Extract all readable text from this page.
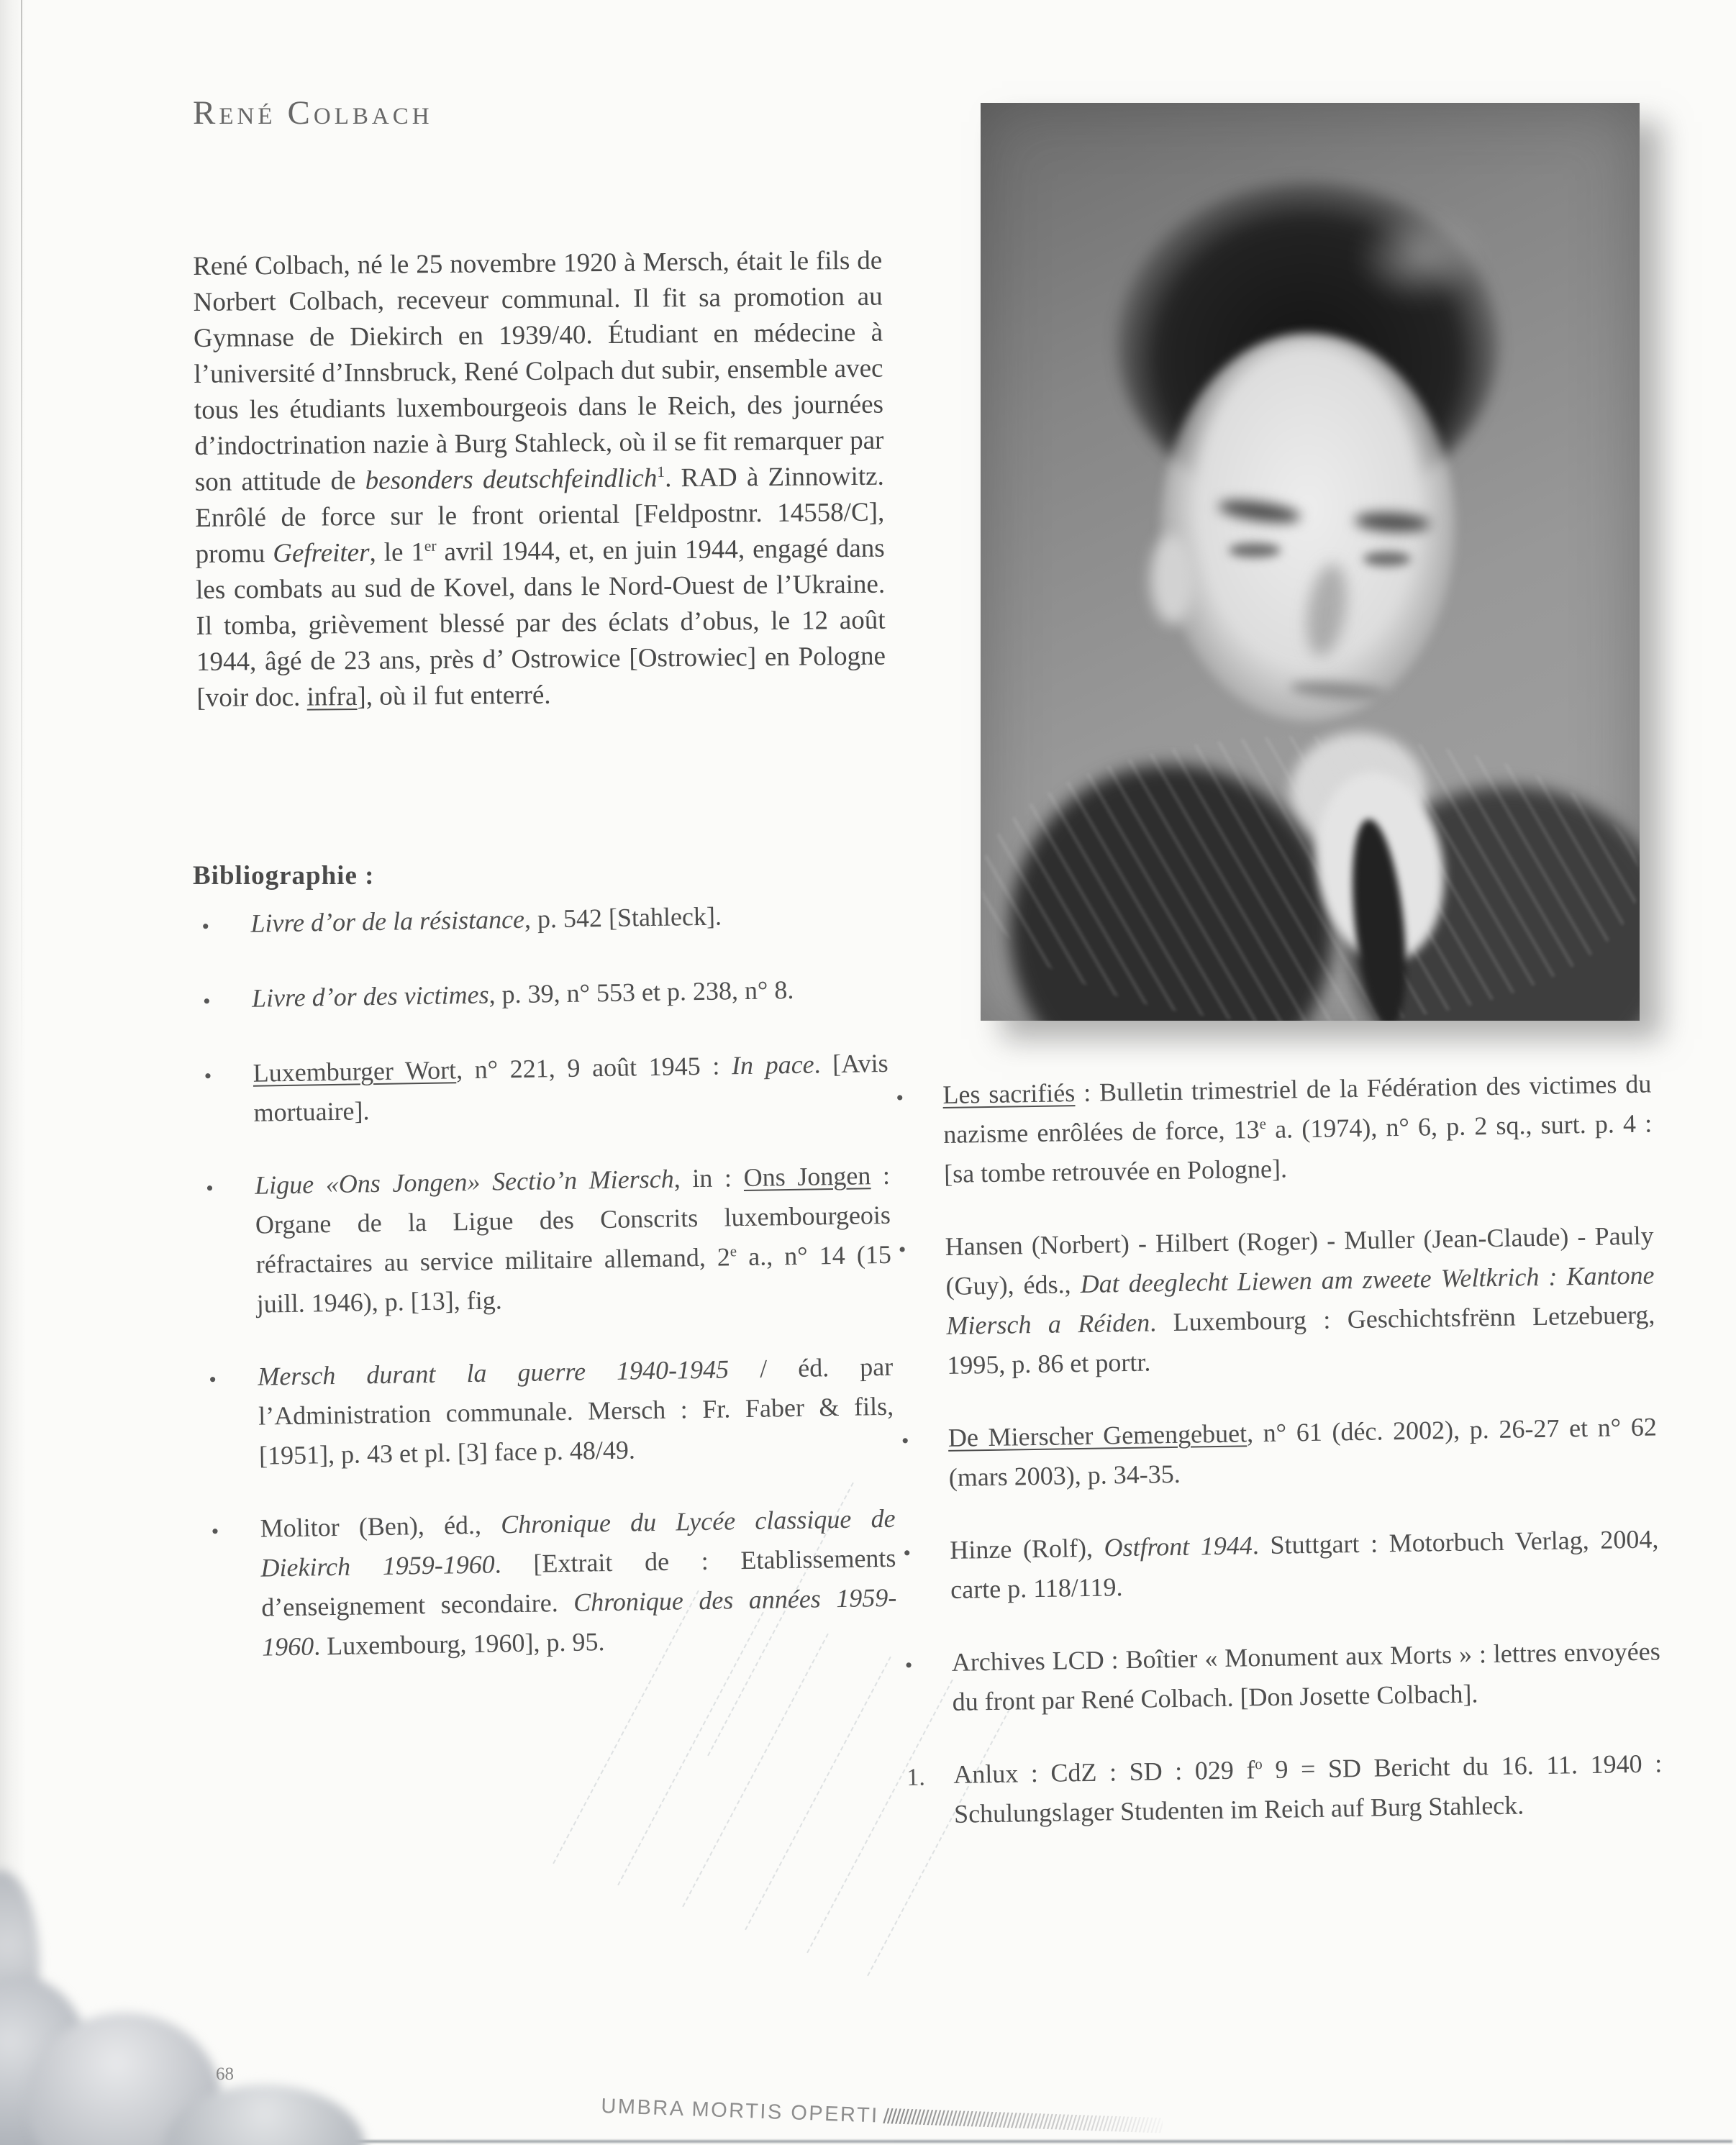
RENÉ COLBACH

René Colbach, né le 25 novembre 1920 à Mersch, était le fils de Norbert Colbach, receveur communal. Il fit sa promotion au Gymnase de Diekirch en 1939/40. Étudiant en médecine à l’université d’Innsbruck, René Colpach dut subir, ensemble avec tous les étudiants luxembourgeois dans le Reich, des journées d’indoctrination nazie à Burg Stahleck, où il se fit remarquer par son attitude de besonders deutschfeindlich$^1$. RAD à Zinnowitz. Enrôlé de force sur le front oriental [Feldpostnr. 14558/C], promu Gefreiter, le 1er avril 1944, et, en juin 1944, engagé dans les combats au sud de Kovel, dans le Nord-Ouest de l’Ukraine. Il tomba, grièvement blessé par des éclats d’obus, le 12 août 1944, âgé de 23 ans, près d’ Ostrowice [Ostrowiec] en Pologne [voir doc. infra], où il fut enterré.

Bibliographie :
•	Livre d’or de la résistance, p. 542 [Stahleck].
•	Livre d’or des victimes, p. 39, n° 553 et p. 238, n° 8.
•	Luxemburger Wort, n° 221, 9 août 1945 : In pace. [Avis mortuaire].
•	Ligue «Ons Jongen» Sectio’n Miersch, in : Ons Jongen : Organe de la Ligue des Conscrits luxembourgeois réfractaires au service militaire allemand, 2e a., n° 14 (15 juill. 1946), p. [13], fig.
•	Mersch durant la guerre 1940-1945 / éd. par l’Administration communale. Mersch : Fr. Faber & fils, [1951], p. 43 et pl. [3] face p. 48/49.
•	Molitor (Ben), éd., Chronique du Lycée classique de Diekirch 1959-1960. [Extrait de : Etablissements d’enseignement secondaire. Chronique des années 1959-1960. Luxembourg, 1960], p. 95.
•	Les sacrifiés : Bulletin trimestriel de la Fédération des victimes du nazisme enrôlées de force, 13e a. (1974), n° 6, p. 2 sq., surt. p. 4 : [sa tombe retrouvée en Pologne].
•	Hansen (Norbert) - Hilbert (Roger) - Muller (Jean-Claude) - Pauly (Guy), éds., Dat deeglecht Liewen am zweete Weltkrich : Kantone Miersch a Réiden. Luxembourg : Geschichtsfrënn Letzebuerg, 1995, p. 86 et portr.
•	De Mierscher Gemengebuet, n° 61 (déc. 2002), p. 26-27 et n° 62 (mars 2003), p. 34-35.
•	Hinze (Rolf), Ostfront 1944. Stuttgart : Motorbuch Verlag, 2004, carte p. 118/119.
•	Archives LCD : Boîtier « Monument aux Morts » : lettres envoyées du front par René Colbach. [Don Josette Colbach].
1.	Anlux : CdZ : SD : 029 $f^o$ 9 = SD Bericht du 16. 11. 1940 : Schulungslager Studenten im Reich auf Burg Stahleck.
68
UMBRA MORTIS OPERTI //////////////////////////////////////////////////////////////////////
